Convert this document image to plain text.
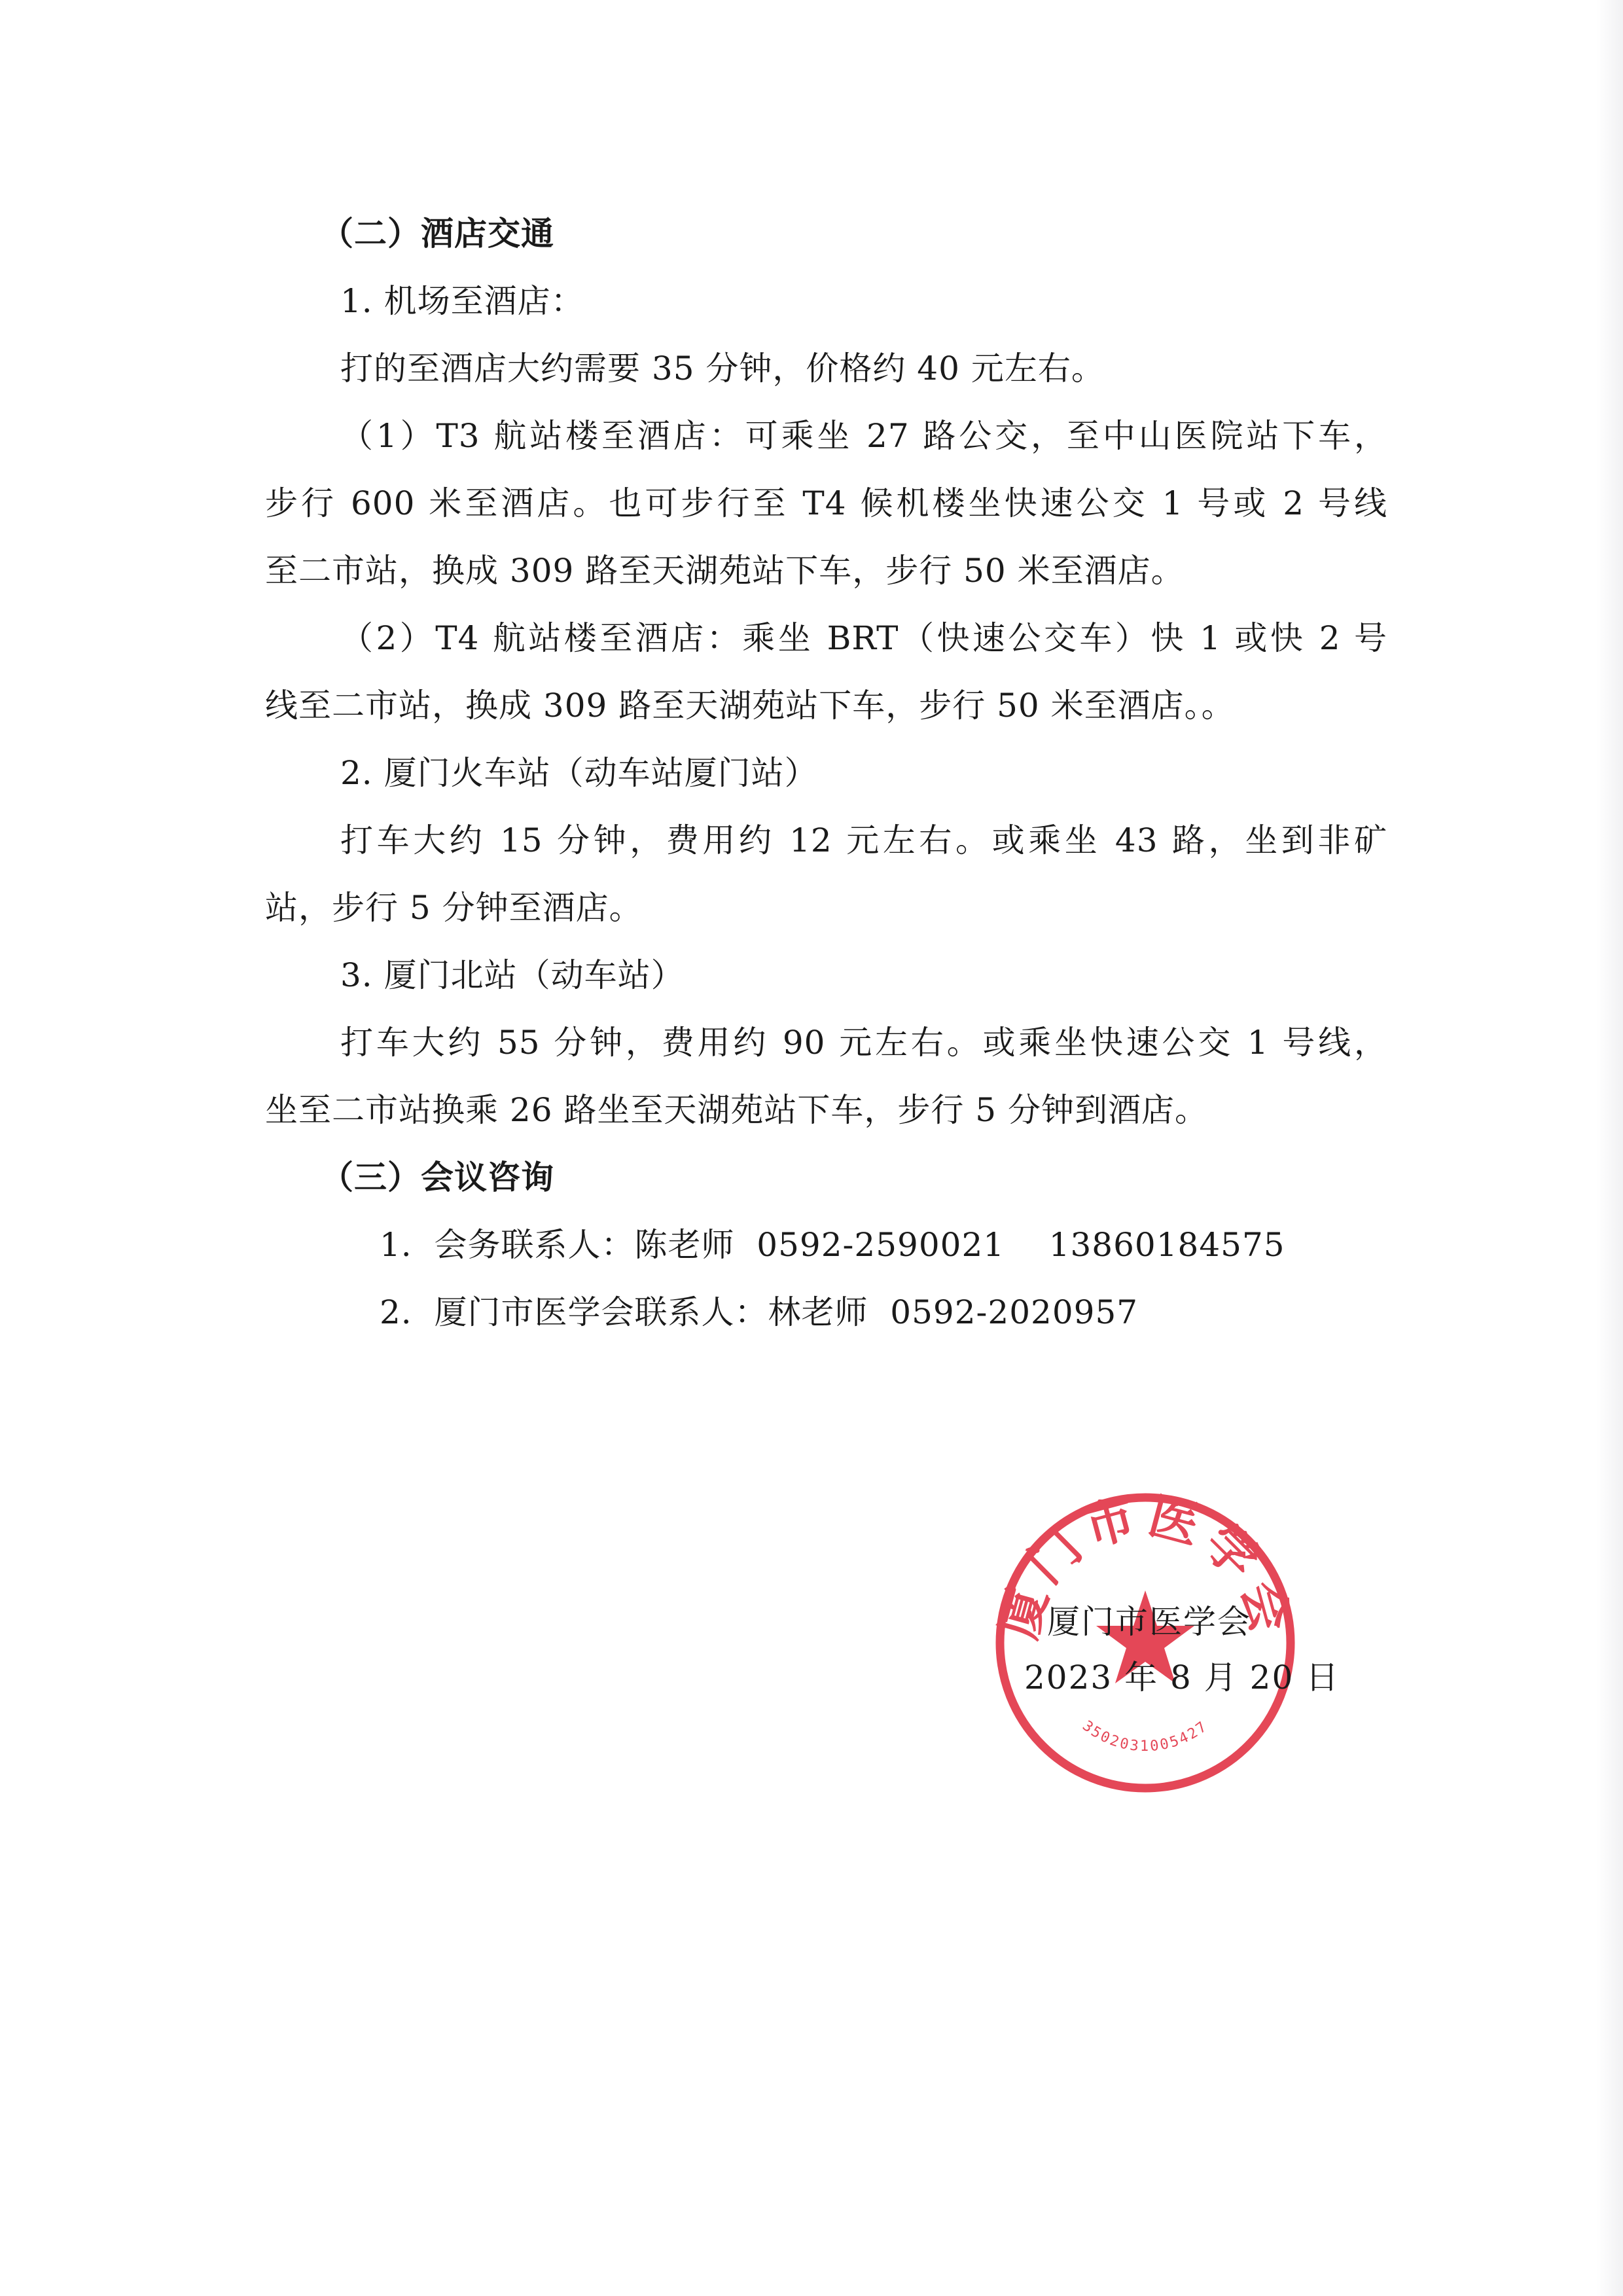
（二）酒店交通
1. 机场至酒店：
打的至酒店大约需要 35 分钟，价格约 40 元左右。
（1）T3 航站楼至酒店：可乘坐 27 路公交，至中山医院站下车，
步行 600 米至酒店。也可步行至 T4 候机楼坐快速公交 1 号或 2 号线
至二市站，换成 309 路至天湖苑站下车，步行 50 米至酒店。
（2）T4 航站楼至酒店：乘坐 BRT（快速公交车）快 1 或快 2 号
线至二市站，换成 309 路至天湖苑站下车，步行 50 米至酒店。。
2. 厦门火车站（动车站厦门站）
打车大约 15 分钟，费用约 12 元左右。或乘坐 43 路，坐到非矿
站，步行 5 分钟至酒店。
3. 厦门北站（动车站）
打车大约 55 分钟，费用约 90 元左右。或乘坐快速公交 1 号线，
坐至二市站换乘 26 路坐至天湖苑站下车，步行 5 分钟到酒店。
（三）会议咨询
1.  会务联系人：陈老师  0592-2590021    13860184575
2.  厦门市医学会联系人：林老师  0592-2020957
厦门市医学会
3502031005427
厦门市医学会
2023 年 8 月 20 日
